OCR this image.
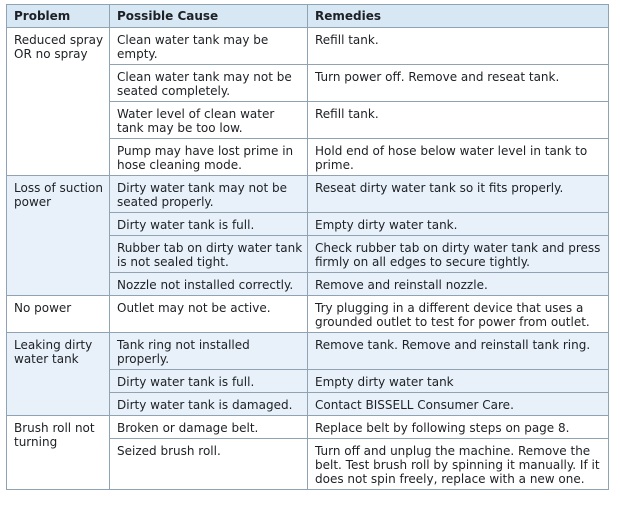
Problem	Possible Cause	Remedies
Reduced spray OR no spray	Clean water tank may be empty.	Refill tank.
	Clean water tank may not be seated completely.	Turn power off. Remove and reseat tank.
	Water level of clean water tank may be too low.	Refill tank.
	Pump may have lost prime in hose cleaning mode.	Hold end of hose below water level in tank to prime.
Loss of suction power	Dirty water tank may not be seated properly.	Reseat dirty water tank so it fits properly.
	Dirty water tank is full.	Empty dirty water tank.
	Rubber tab on dirty water tank is not sealed tight.	Check rubber tab on dirty water tank and press firmly on all edges to secure tightly.
	Nozzle not installed correctly.	Remove and reinstall nozzle.
No power	Outlet may not be active.	Try plugging in a different device that uses a grounded outlet to test for power from outlet.
Leaking dirty water tank	Tank ring not installed properly.	Remove tank. Remove and reinstall tank ring.
	Dirty water tank is full.	Empty dirty water tank
	Dirty water tank is damaged.	Contact BISSELL Consumer Care.
Brush roll not turning	Broken or damage belt.	Replace belt by following steps on page 8.
	Seized brush roll.	Turn off and unplug the machine. Remove the belt. Test brush roll by spinning it manually. If it does not spin freely, replace with a new one.
